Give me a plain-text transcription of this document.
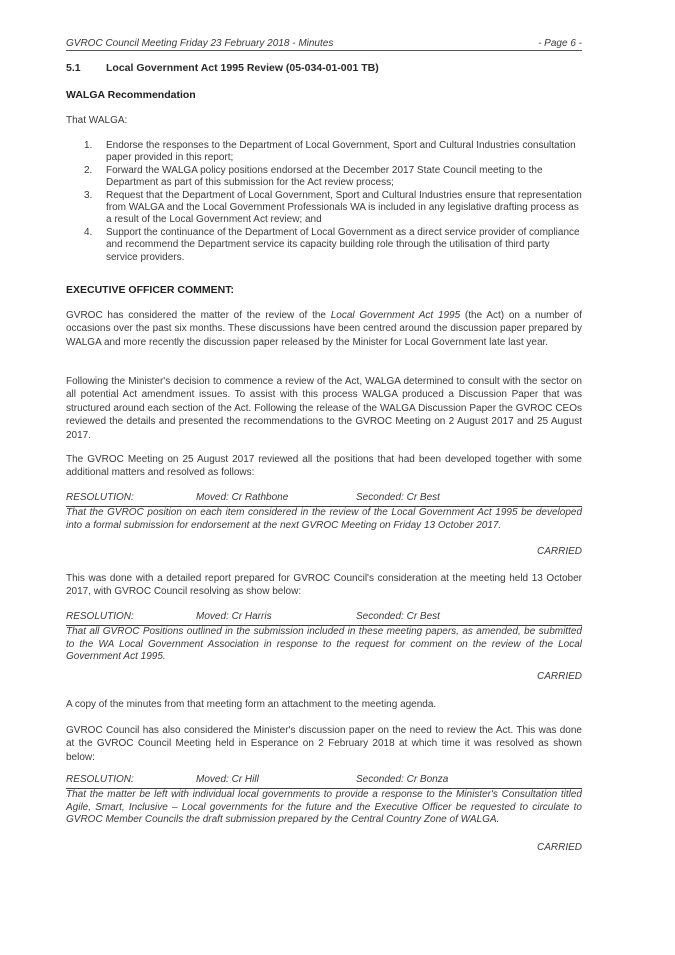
GVROC Council Meeting Friday 23 February 2018 - Minutes	- Page 6 -
5.1 Local Government Act 1995 Review (05-034-01-001 TB)
WALGA Recommendation
That WALGA:
1. Endorse the responses to the Department of Local Government, Sport and Cultural Industries consultation paper provided in this report;
2. Forward the WALGA policy positions endorsed at the December 2017 State Council meeting to the Department as part of this submission for the Act review process;
3. Request that the Department of Local Government, Sport and Cultural Industries ensure that representation from WALGA and the Local Government Professionals WA is included in any legislative drafting process as a result of the Local Government Act review; and
4. Support the continuance of the Department of Local Government as a direct service provider of compliance and recommend the Department service its capacity building role through the utilisation of third party service providers.
EXECUTIVE OFFICER COMMENT:
GVROC has considered the matter of the review of the Local Government Act 1995 (the Act) on a number of occasions over the past six months. These discussions have been centred around the discussion paper prepared by WALGA and more recently the discussion paper released by the Minister for Local Government late last year.
Following the Minister's decision to commence a review of the Act, WALGA determined to consult with the sector on all potential Act amendment issues. To assist with this process WALGA produced a Discussion Paper that was structured around each section of the Act. Following the release of the WALGA Discussion Paper the GVROC CEOs reviewed the details and presented the recommendations to the GVROC Meeting on 2 August 2017 and 25 August 2017.
The GVROC Meeting on 25 August 2017 reviewed all the positions that had been developed together with some additional matters and resolved as follows:
RESOLUTION:	Moved: Cr Rathbone	Seconded: Cr Best
That the GVROC position on each item considered in the review of the Local Government Act 1995 be developed into a formal submission for endorsement at the next GVROC Meeting on Friday 13 October 2017.
CARRIED
This was done with a detailed report prepared for GVROC Council's consideration at the meeting held 13 October 2017, with GVROC Council resolving as show below:
RESOLUTION:	Moved: Cr Harris	Seconded: Cr Best
That all GVROC Positions outlined in the submission included in these meeting papers, as amended, be submitted to the WA Local Government Association in response to the request for comment on the review of the Local Government Act 1995.
CARRIED
A copy of the minutes from that meeting form an attachment to the meeting agenda.
GVROC Council has also considered the Minister's discussion paper on the need to review the Act. This was done at the GVROC Council Meeting held in Esperance on 2 February 2018 at which time it was resolved as shown below:
RESOLUTION:	Moved: Cr Hill	Seconded: Cr Bonza
That the matter be left with individual local governments to provide a response to the Minister's Consultation titled Agile, Smart, Inclusive – Local governments for the future and the Executive Officer be requested to circulate to GVROC Member Councils the draft submission prepared by the Central Country Zone of WALGA.
CARRIED
